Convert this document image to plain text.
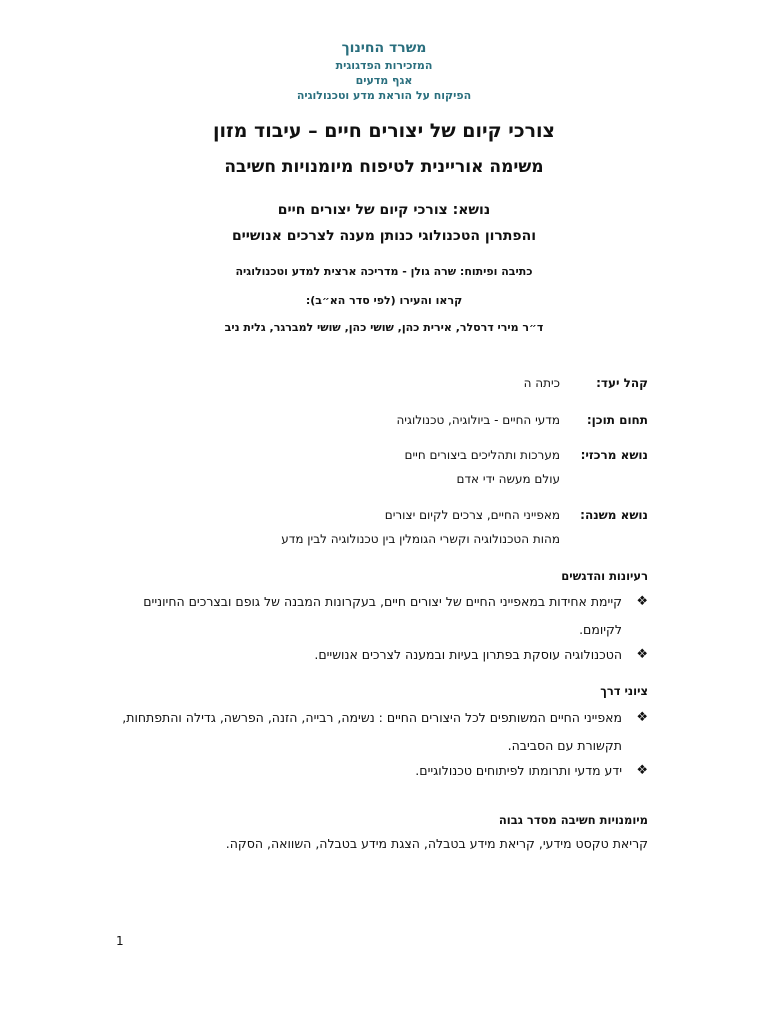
משרד החינוך
המזכירות הפדגוגית
אגף מדעים
הפיקוח על הוראת מדע וטכנולוגיה
צורכי קיום של יצורים חיים – עיבוד מזון
משימה אוריינית לטיפוח מיומנויות חשיבה
נושא: צורכי קיום של יצורים חיים
והפתרון הטכנולוגי כנותן מענה לצרכים אנושיים
כתיבה ופיתוח: שרה גולן - מדריכה ארצית למדע וטכנולוגיה
קראו והעירו (לפי סדר הא״ב):
ד״ר מירי דרסלר, אירית כהן, שושי כהן, שושי למברגר, גלית ניב
קהל יעד:
כיתה ה
תחום תוכן:
מדעי החיים - ביולוגיה, טכנולוגיה
נושא מרכזי:
מערכות ותהליכים ביצורים חיים
עולם מעשה ידי אדם
נושא משנה:
מאפייני החיים, צרכים לקיום יצורים
מהות הטכנולוגיה וקשרי הגומלין בין טכנולוגיה לבין מדע
רעיונות והדגשים
❖
קיימת אחידות במאפייני החיים של יצורים חיים, בעקרונות המבנה של גופם ובצרכים החיוניים לקיומם.
❖
הטכנולוגיה עוסקת בפתרון בעיות ובמענה לצרכים אנושיים.
ציוני דרך
❖
מאפייני החיים המשותפים לכל היצורים החיים : נשימה, רבייה, הזנה, הפרשה, גדילה והתפתחות, תקשורת עם הסביבה.
❖
ידע מדעי ותרומתו לפיתוחים טכנולוגיים.
מיומנויות חשיבה מסדר גבוה
קריאת טקסט מידעי, קריאת מידע בטבלה, הצגת מידע בטבלה, השוואה, הסקה.
1
